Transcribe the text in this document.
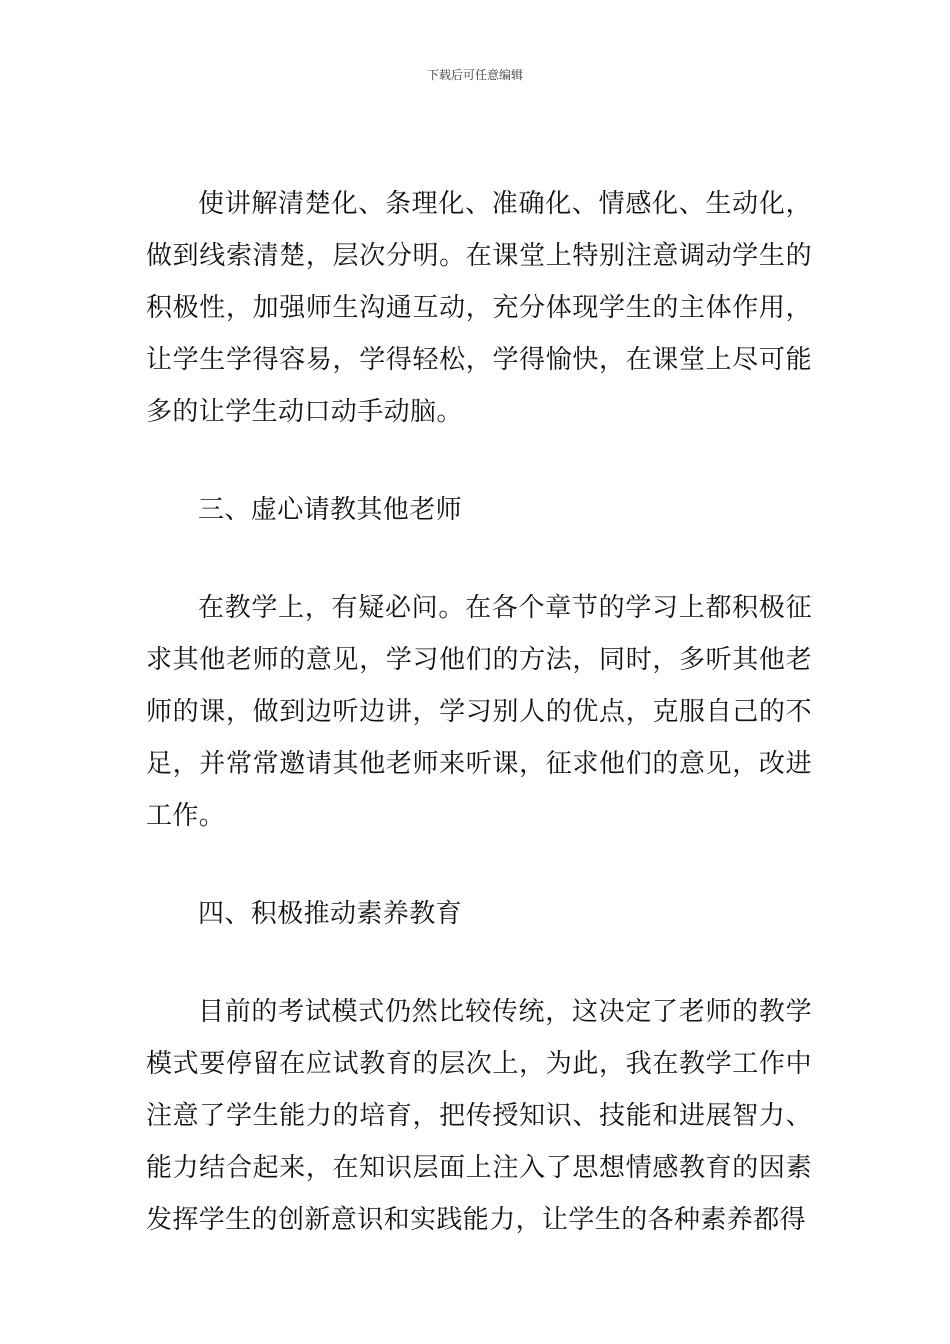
下载后可任意编辑

使讲解清楚化、条理化、准确化、情感化、生动化，做到线索清楚，层次分明。在课堂上特别注意调动学生的积极性，加强师生沟通互动，充分体现学生的主体作用，让学生学得容易，学得轻松，学得愉快，在课堂上尽可能多的让学生动口动手动脑。

三、虚心请教其他老师

在教学上，有疑必问。在各个章节的学习上都积极征求其他老师的意见，学习他们的方法，同时，多听其他老师的课，做到边听边讲，学习别人的优点，克服自己的不足，并常常邀请其他老师来听课，征求他们的意见，改进工作。

四、积极推动素养教育

目前的考试模式仍然比较传统，这决定了老师的教学模式要停留在应试教育的层次上，为此，我在教学工作中注意了学生能力的培育，把传授知识、技能和进展智力、能力结合起来，在知识层面上注入了思想情感教育的因素发挥学生的创新意识和实践能力，让学生的各种素养都得
